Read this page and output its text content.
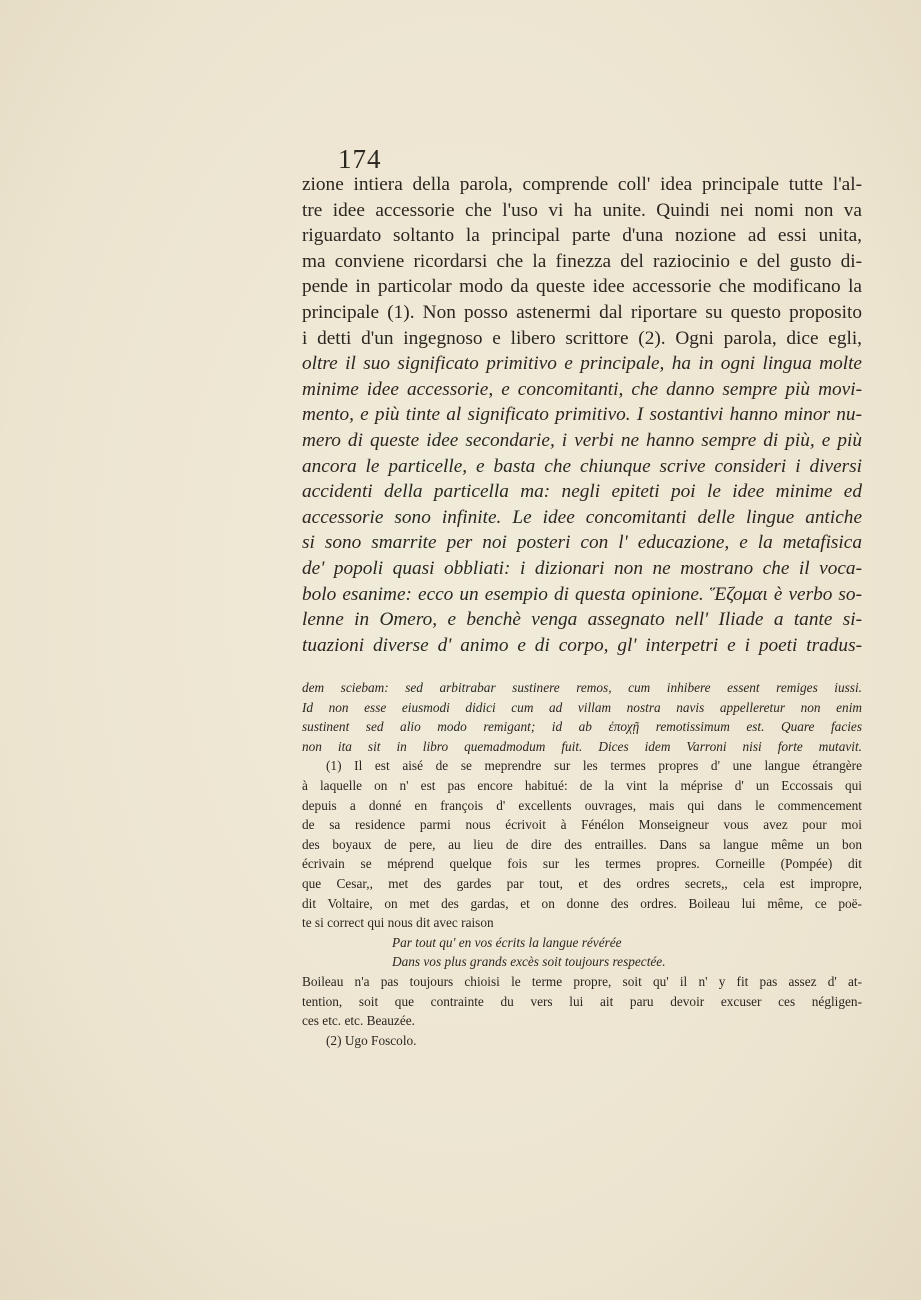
174
zione intiera della parola, comprende coll' idea principale tutte l'al-
tre idee accessorie che l'uso vi ha unite. Quindi nei nomi non va
riguardato soltanto la principal parte d'una nozione ad essi unita,
ma conviene ricordarsi che la finezza del raziocinio e del gusto di-
pende in particolar modo da queste idee accessorie che modificano la
principale (1). Non posso astenermi dal riportare su questo proposito
i detti d'un ingegnoso e libero scrittore (2). Ogni parola, dice egli,
oltre il suo significato primitivo e principale, ha in ogni lingua molte
minime idee accessorie, e concomitanti, che danno sempre più movi-
mento, e più tinte al significato primitivo. I sostantivi hanno minor nu-
mero di queste idee secondarie, i verbi ne hanno sempre di più, e più
ancora le particelle, e basta che chiunque scrive consideri i diversi
accidenti della particella ma: negli epiteti poi le idee minime ed
accessorie sono infinite. Le idee concomitanti delle lingue antiche
si sono smarrite per noi posteri con l' educazione, e la metafisica
de' popoli quasi obbliati: i dizionari non ne mostrano che il voca-
bolo esanime: ecco un esempio di questa opinione. Ἕζομαι è verbo so-
lenne in Omero, e benchè venga assegnato nell' Iliade a tante si-
tuazioni diverse d' animo e di corpo, gl' interpetri e i poeti tradus-
dem sciebam: sed arbitrabar sustinere remos, cum inhibere essent remiges iussi.
Id non esse eiusmodi didici cum ad villam nostra navis appelleretur non enim
sustinent sed alio modo remigant; id ab ἐποχῇ remotissimum est. Quare facies
non ita sit in libro quemadmodum fuit. Dices idem Varroni nisi forte mutavit.
(1) Il est aisé de se meprendre sur les termes propres d' une langue étrangère
à laquelle on n' est pas encore habitué: de la vint la méprise d' un Eccossais qui
depuis a donné en françois d' excellents ouvrages, mais qui dans le commencement
de sa residence parmi nous écrivoit à Fénélon Monseigneur vous avez pour moi
des boyaux de pere, au lieu de dire des entrailles. Dans sa langue même un bon
écrivain se méprend quelque fois sur les termes propres. Corneille (Pompée) dit
que Cesar,, met des gardes par tout, et des ordres secrets,, cela est impropre,
dit Voltaire, on met des gardas, et on donne des ordres. Boileau lui même, ce poë-
te si correct qui nous dit avec raison
Par tout qu' en vos écrits la langue révérée
Dans vos plus grands excès soit toujours respectée.
Boileau n'a pas toujours chioisi le terme propre, soit qu' il n' y fit pas assez d' at-
tention, soit que contrainte du vers lui ait paru devoir excuser ces négligen-
ces etc. etc. Beauzée.
(2) Ugo Foscolo.
